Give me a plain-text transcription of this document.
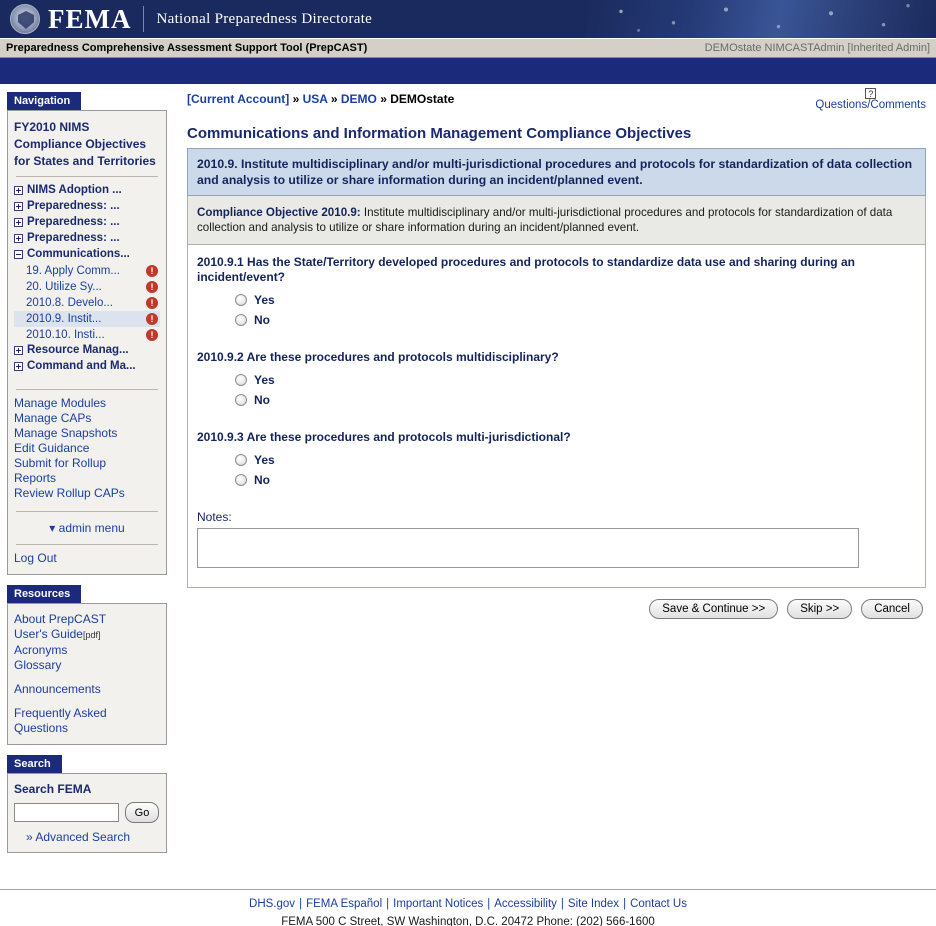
FEMA National Preparedness Directorate
Preparedness Comprehensive Assessment Support Tool (PrepCAST)	DEMOstate NIMCASTAdmin [Inherited Admin]
Navigation
FY2010 NIMS Compliance Objectives for States and Territories
NIMS Adoption ...
Preparedness: ...
Preparedness: ...
Preparedness: ...
Communications...
19. Apply Comm...	!
20. Utilize Sy...	!
2010.8. Develo...	!
2010.9. Instit...	!
2010.10. Insti...	!
Resource Manag...
Command and Ma...
Manage Modules
Manage CAPs
Manage Snapshots
Edit Guidance
Submit for Rollup
Reports
Review Rollup CAPs
▾ admin menu
Log Out
Resources
About PrepCAST
User's Guide[pdf]
Acronyms
Glossary
Announcements
Frequently Asked Questions
Search
Search FEMA
Go
» Advanced Search
[Current Account] » USA » DEMO » DEMOstate	?
Questions/Comments
Communications and Information Management Compliance Objectives
2010.9. Institute multidisciplinary and/or multi-jurisdictional procedures and protocols for standardization of data collection and analysis to utilize or share information during an incident/planned event.
Compliance Objective 2010.9: Institute multidisciplinary and/or multi-jurisdictional procedures and protocols for standardization of data collection and analysis to utilize or share information during an incident/planned event.
2010.9.1 Has the State/Territory developed procedures and protocols to standardize data use and sharing during an incident/event?
Yes
No
2010.9.2 Are these procedures and protocols multidisciplinary?
Yes
No
2010.9.3 Are these procedures and protocols multi-jurisdictional?
Yes
No
Notes:
Save & Continue >>	Skip >>	Cancel
DHS.gov | FEMA Español | Important Notices | Accessibility | Site Index | Contact Us
FEMA 500 C Street, SW Washington, D.C. 20472 Phone: (202) 566-1600
